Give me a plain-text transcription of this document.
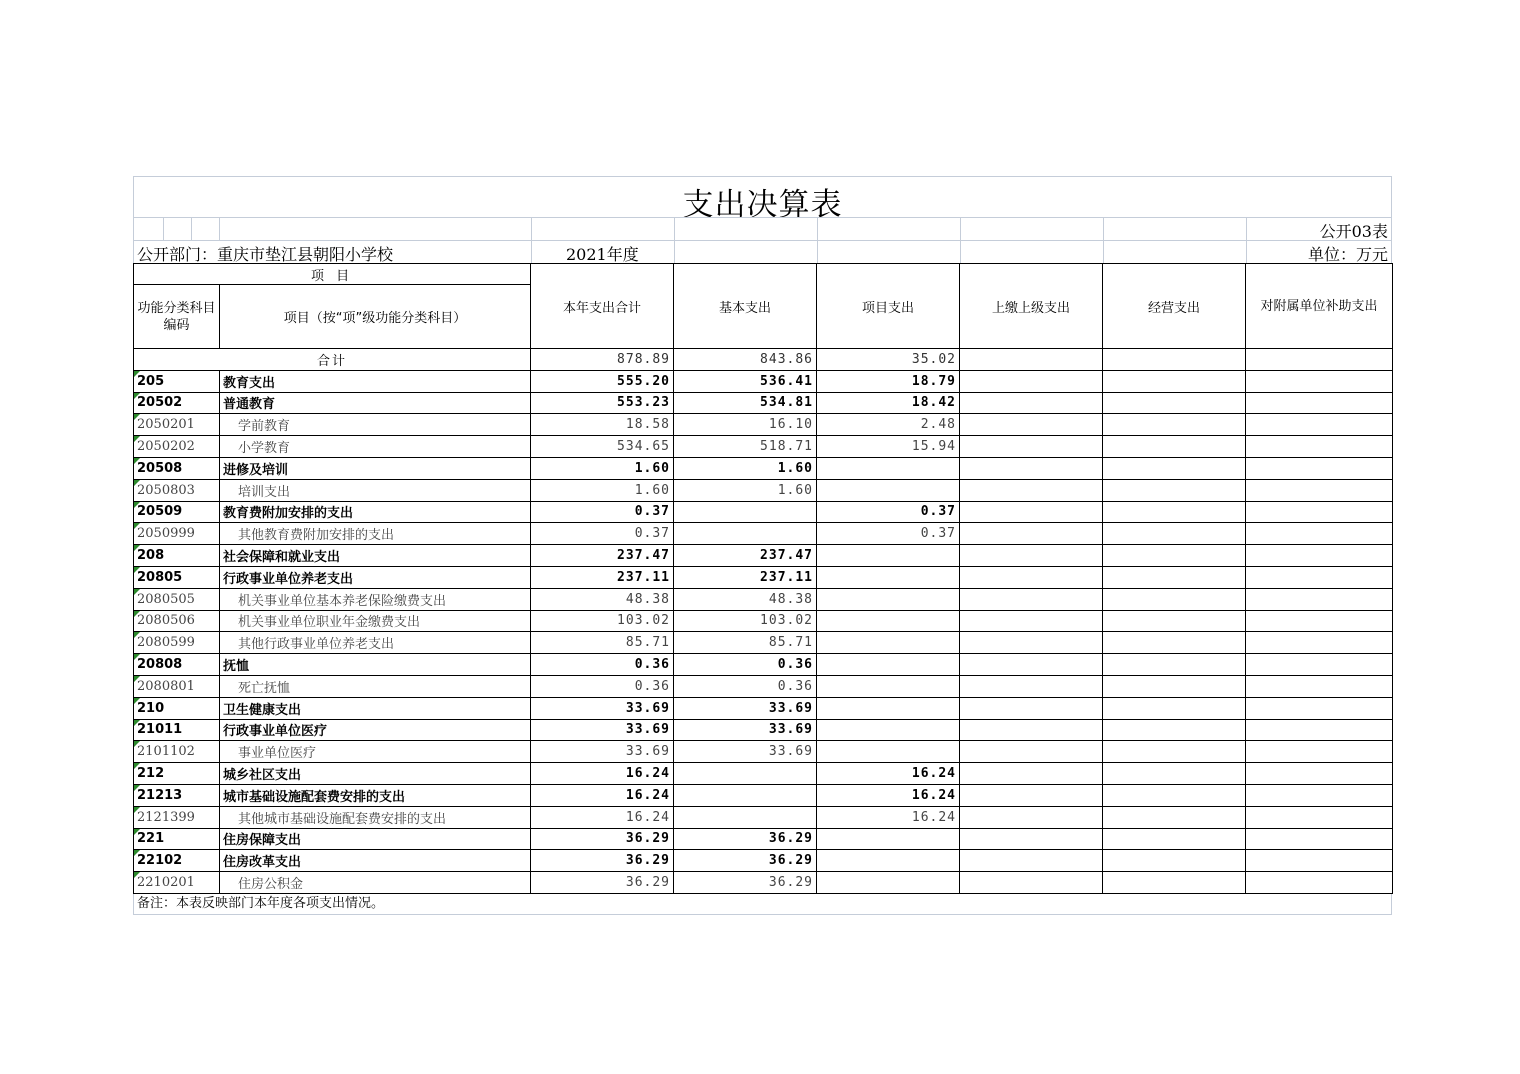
支出决算表
公开03表
公开部门：重庆市垫江县朝阳小学校	2021年度	单位：万元
项 目		本年支出合计	基本支出	项目支出	上缴上级支出	经营支出	对附属单位补助支出
功能分类科目编码	项目（按“项”级功能分类科目）						
合计		878.89	843.86	35.02			
205	教育支出	555.20	536.41	18.79			
20502	普通教育	553.23	534.81	18.42			
2050201	学前教育	18.58	16.10	2.48			
2050202	小学教育	534.65	518.71	15.94			
20508	进修及培训	1.60	1.60				
2050803	培训支出	1.60	1.60				
20509	教育费附加安排的支出	0.37		0.37			
2050999	其他教育费附加安排的支出	0.37		0.37			
208	社会保障和就业支出	237.47	237.47				
20805	行政事业单位养老支出	237.11	237.11				
2080505	机关事业单位基本养老保险缴费支出	48.38	48.38				
2080506	机关事业单位职业年金缴费支出	103.02	103.02				
2080599	其他行政事业单位养老支出	85.71	85.71				
20808	抚恤	0.36	0.36				
2080801	死亡抚恤	0.36	0.36				
210	卫生健康支出	33.69	33.69				
21011	行政事业单位医疗	33.69	33.69				
2101102	事业单位医疗	33.69	33.69				
212	城乡社区支出	16.24		16.24			
21213	城市基础设施配套费安排的支出	16.24		16.24			
2121399	其他城市基础设施配套费安排的支出	16.24		16.24			
221	住房保障支出	36.29	36.29				
22102	住房改革支出	36.29	36.29				
2210201	住房公积金	36.29	36.29				
备注：本表反映部门本年度各项支出情况。
